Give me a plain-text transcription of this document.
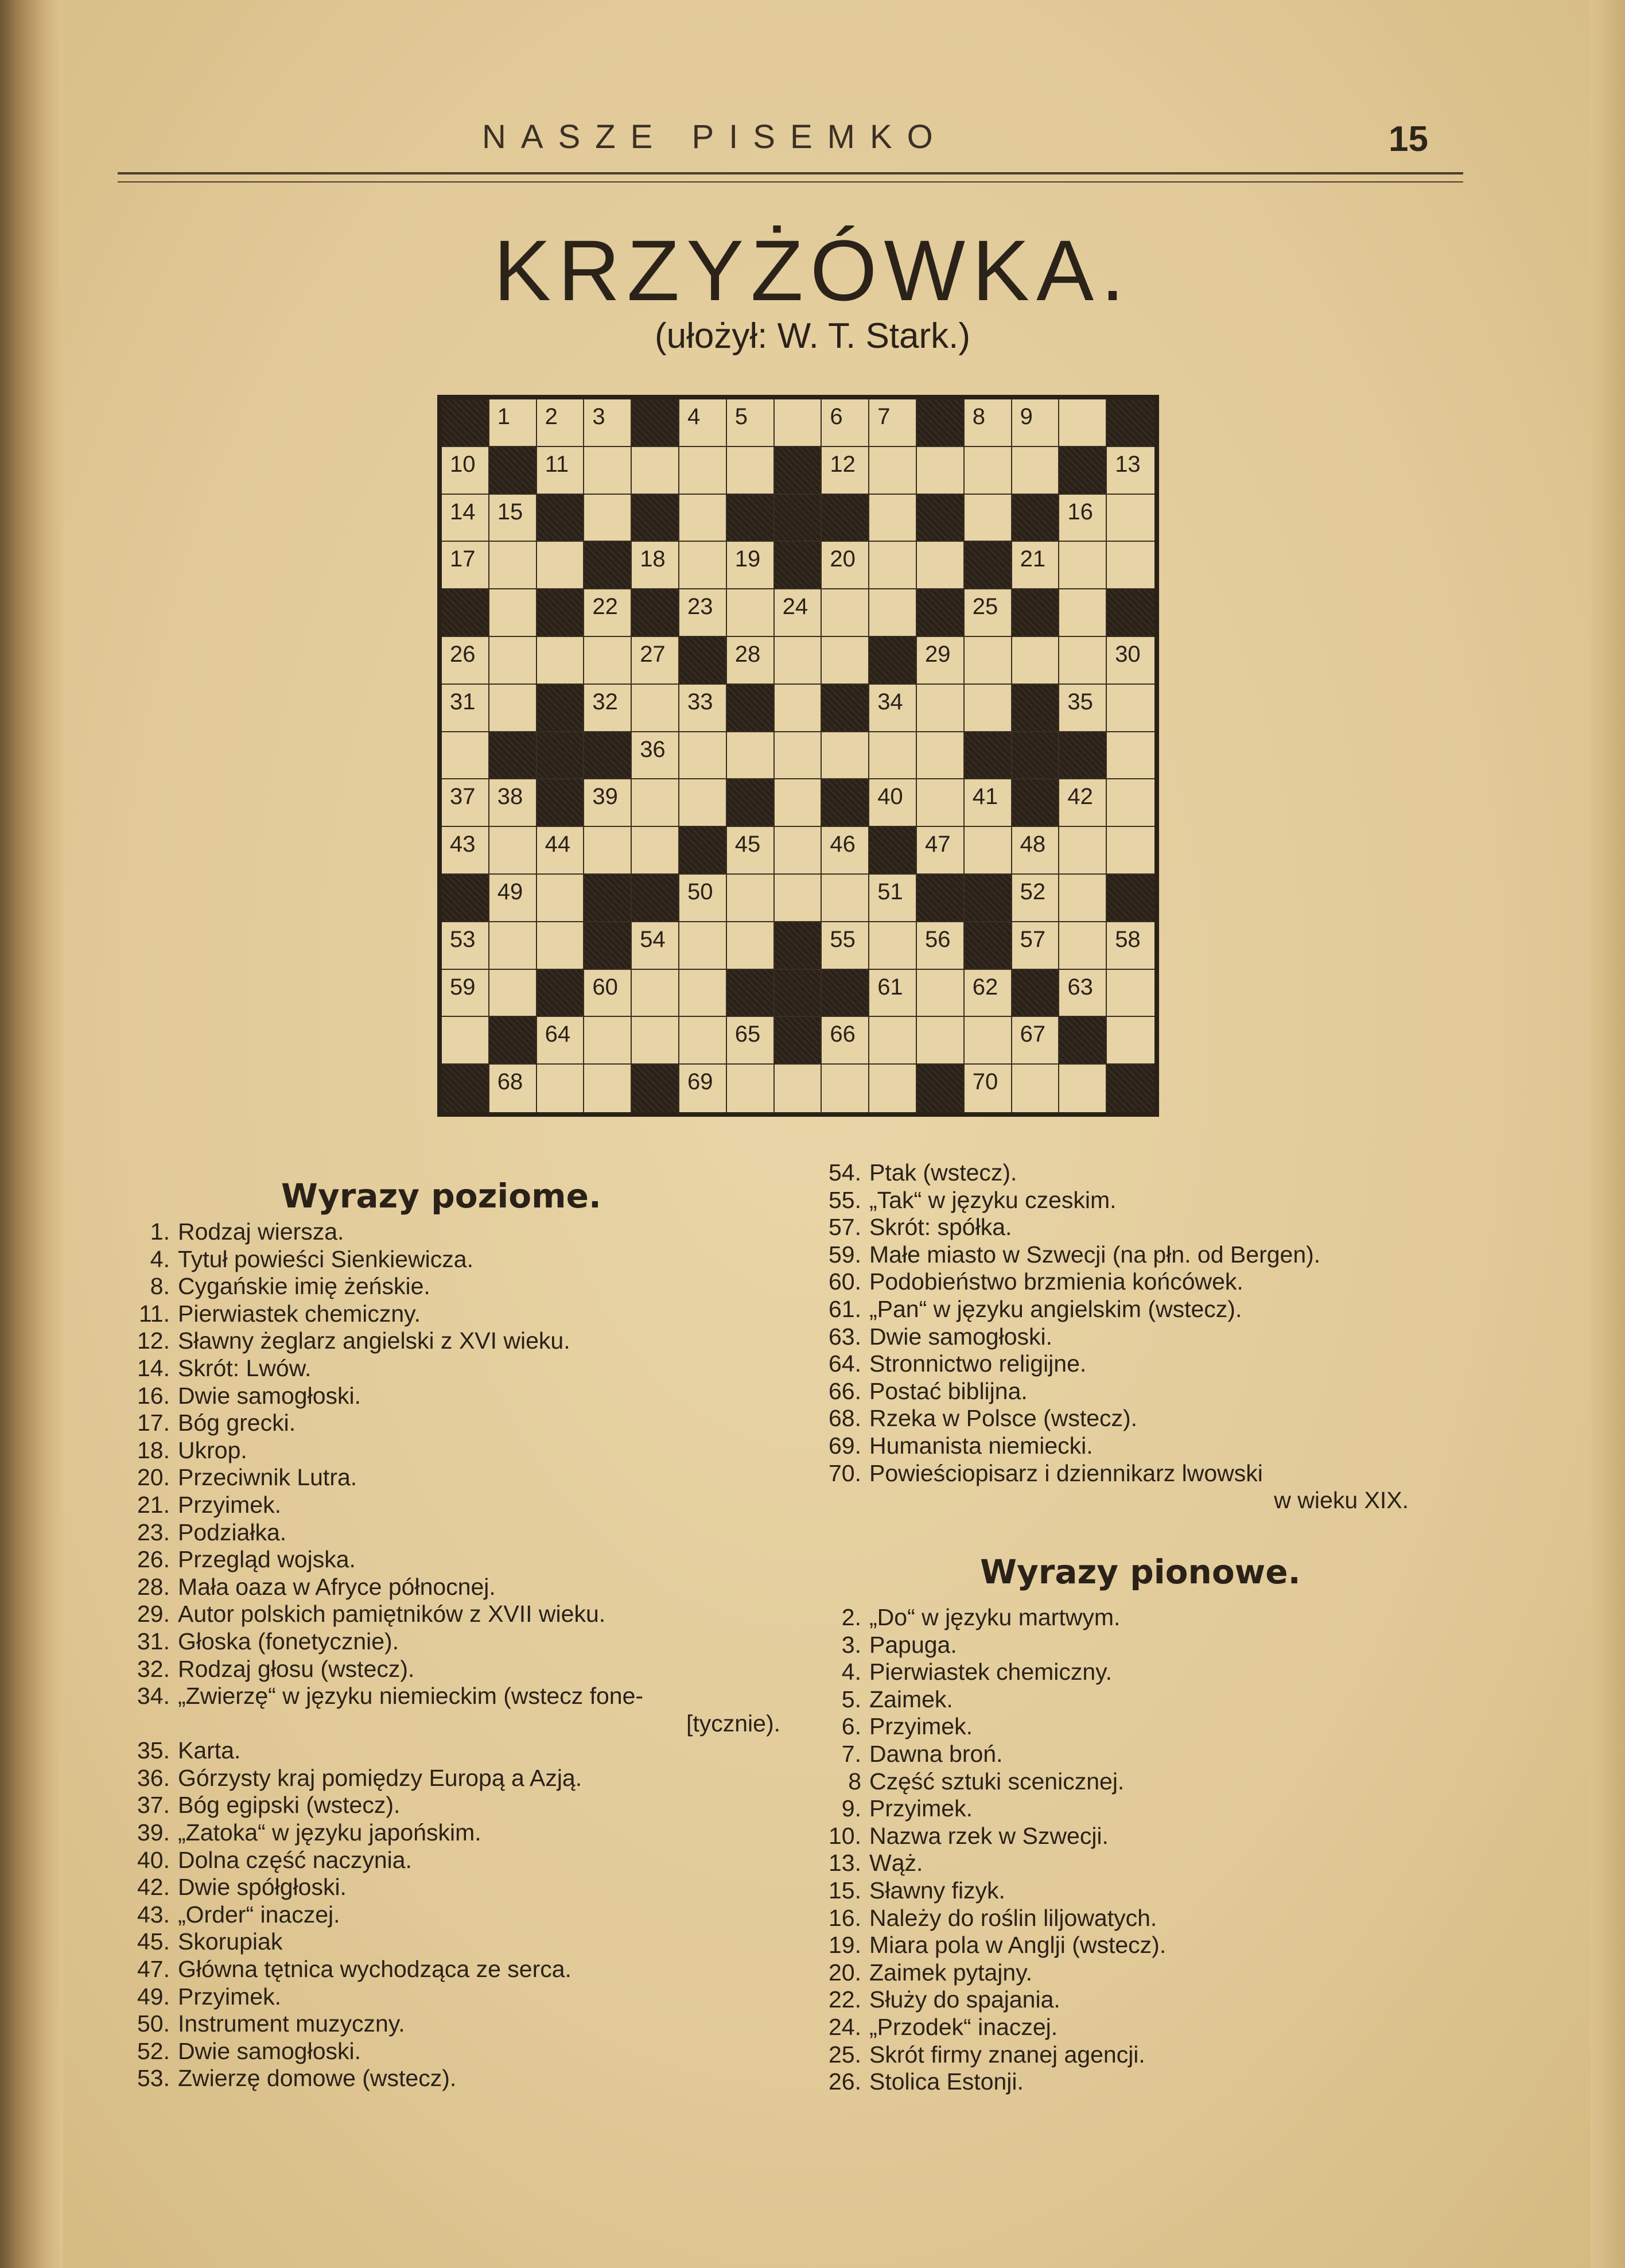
NASZE PISEMKO	15
KRZYŻÓWKA.
(ułożył: W. T. Stark.)
1 2 3	4 5	6 7	8 9
10	11	12	13
14 15	16
17	18	19	20	21
22	23	24	25
26	27	28	29	30
31	32	33	34	35
36
37 38	39	40	41	42
43	44	45	46	47	48
49	50	51	52
53	54	55	56	57	58
59	60	61	62	63
64	65	66	67
68	69	70
Wyrazy poziome.
1. Rodzaj wiersza.
4. Tytuł powieści Sienkiewicza.
8. Cygańskie imię żeńskie.
11. Pierwiastek chemiczny.
12. Sławny żeglarz angielski z XVI wieku.
14. Skrót: Lwów.
16. Dwie samogłoski.
17. Bóg grecki.
18. Ukrop.
20. Przeciwnik Lutra.
21. Przyimek.
23. Podziałka.
26. Przegląd wojska.
28. Mała oaza w Afryce północnej.
29. Autor polskich pamiętników z XVII wieku.
31. Głoska (fonetycznie).
32. Rodzaj głosu (wstecz).
34. „Zwierzę“ w języku niemieckim (wstecz fone-
[tycznie).
35. Karta.
36. Górzysty kraj pomiędzy Europą a Azją.
37. Bóg egipski (wstecz).
39. „Zatoka“ w języku japońskim.
40. Dolna część naczynia.
42. Dwie spółgłoski.
43. „Order“ inaczej.
45. Skorupiak
47. Główna tętnica wychodząca ze serca.
49. Przyimek.
50. Instrument muzyczny.
52. Dwie samogłoski.
53. Zwierzę domowe (wstecz).
54. Ptak (wstecz).
55. „Tak“ w języku czeskim.
57. Skrót: spółka.
59. Małe miasto w Szwecji (na płn. od Bergen).
60. Podobieństwo brzmienia końcówek.
61. „Pan“ w języku angielskim (wstecz).
63. Dwie samogłoski.
64. Stronnictwo religijne.
66. Postać biblijna.
68. Rzeka w Polsce (wstecz).
69. Humanista niemiecki.
70. Powieściopisarz i dziennikarz lwowski
w wieku XIX.
Wyrazy pionowe.
2. „Do“ w języku martwym.
3. Papuga.
4. Pierwiastek chemiczny.
5. Zaimek.
6. Przyimek.
7. Dawna broń.
8 Część sztuki scenicznej.
9. Przyimek.
10. Nazwa rzek w Szwecji.
13. Wąż.
15. Sławny fizyk.
16. Należy do roślin liljowatych.
19. Miara pola w Anglji (wstecz).
20. Zaimek pytajny.
22. Służy do spajania.
24. „Przodek“ inaczej.
25. Skrót firmy znanej agencji.
26. Stolica Estonji.
